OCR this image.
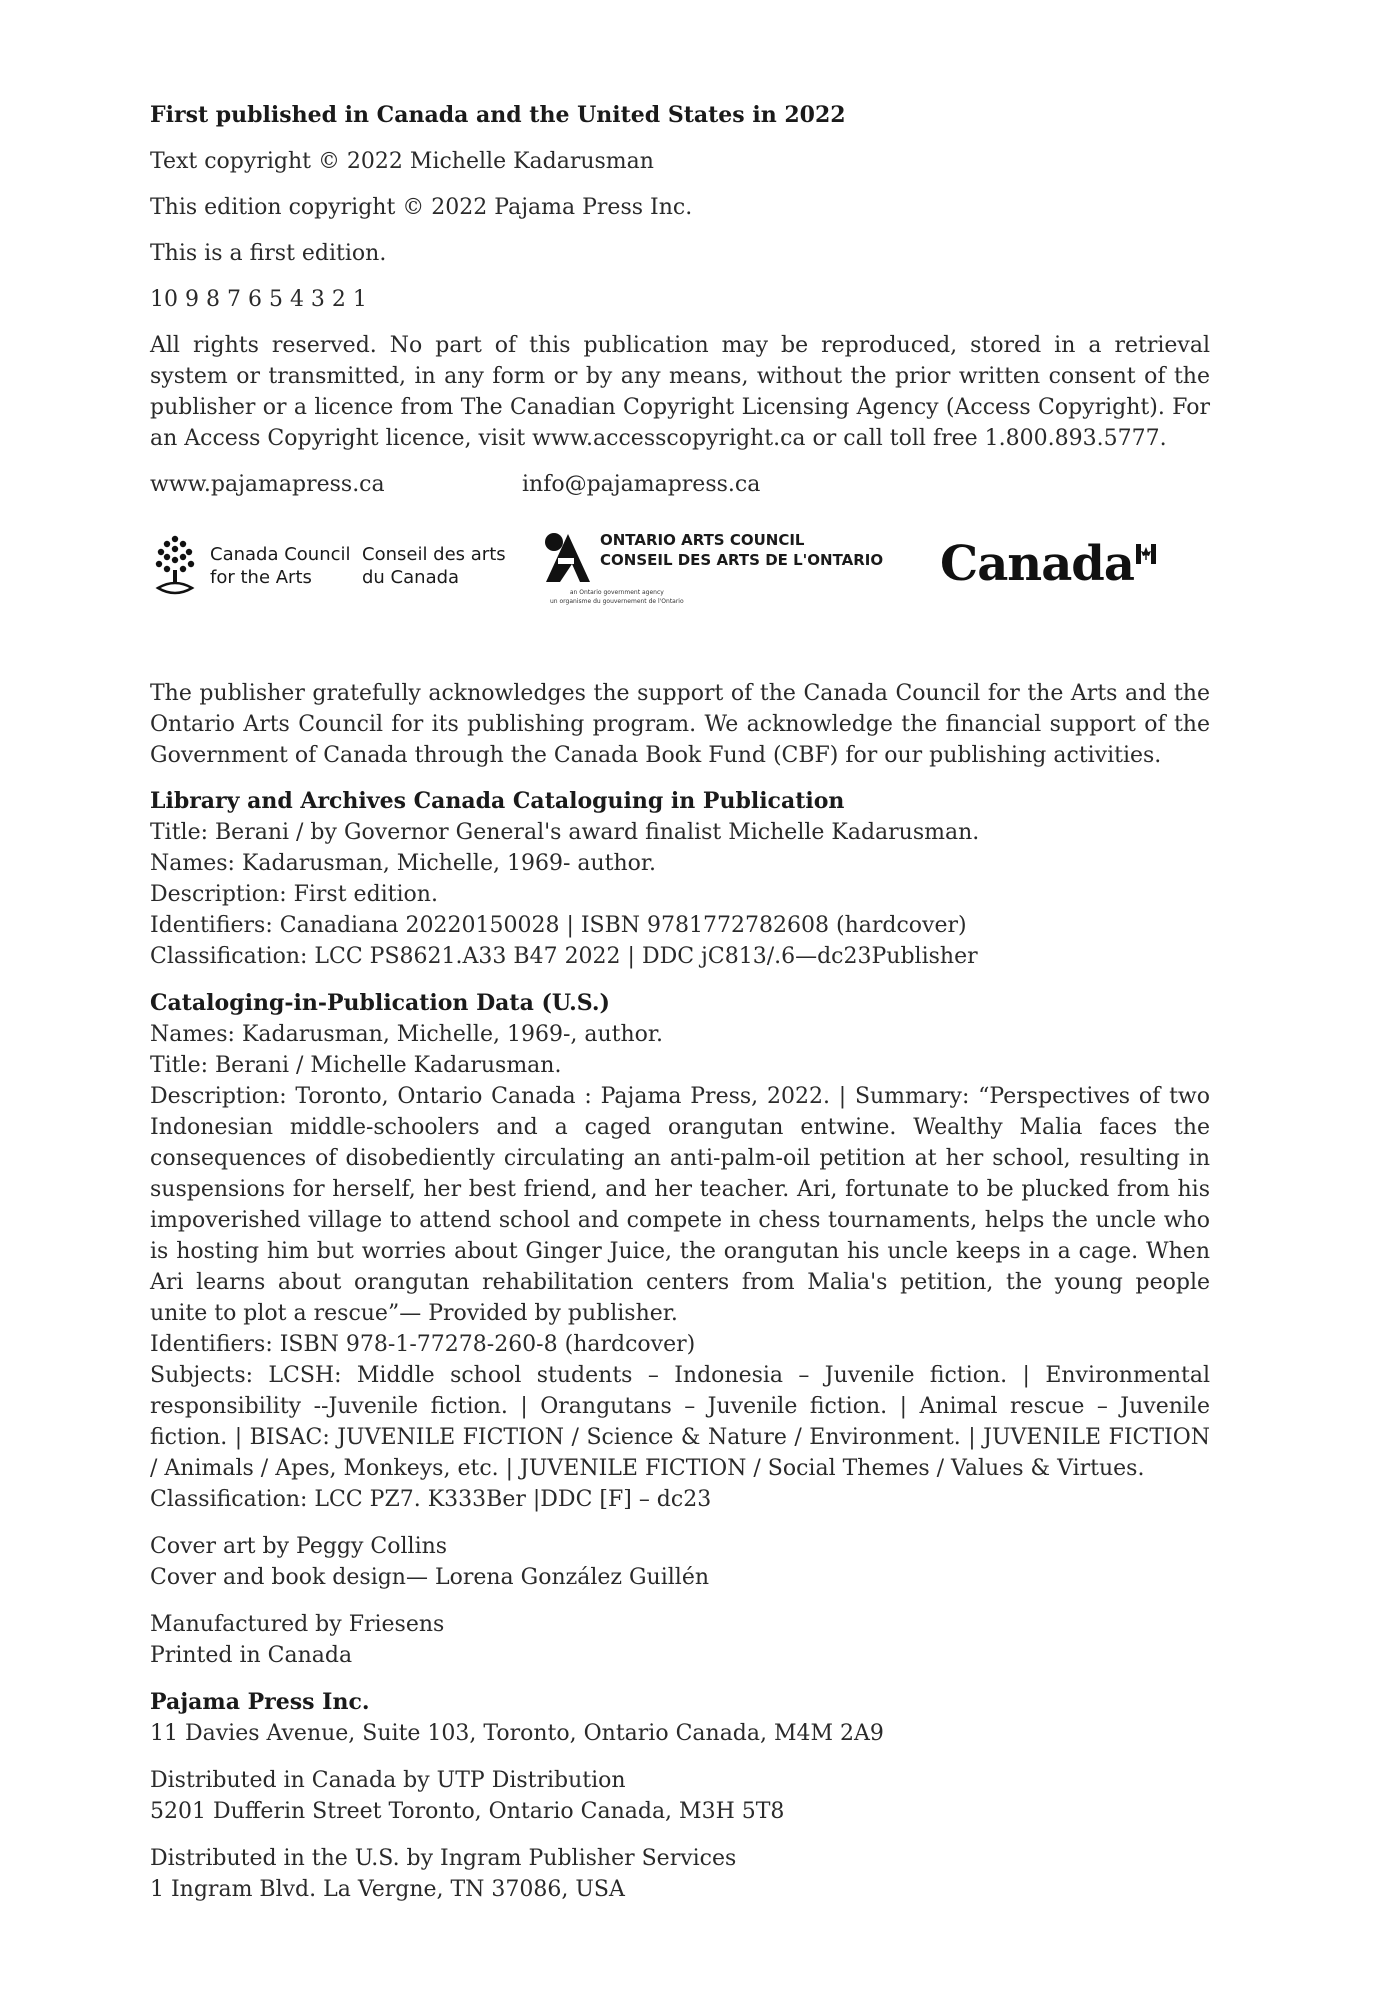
First published in Canada and the United States in 2022

Text copyright © 2022 Michelle Kadarusman

This edition copyright © 2022 Pajama Press Inc.

This is a first edition.

10 9 8 7 6 5 4 3 2 1

All rights reserved. No part of this publication may be reproduced, stored in a retrieval system or transmitted, in any form or by any means, without the prior written consent of the publisher or a licence from The Canadian Copyright Licensing Agency (Access Copyright). For an Access Copyright licence, visit www.accesscopyright.ca or call toll free 1.800.893.5777.

www.pajamapress.ca	info@pajamapress.ca
Canada Council for the Arts
Conseil des arts du Canada
ONTARIO ARTS COUNCIL
CONSEIL DES ARTS DE L'ONTARIO
an Ontario government agency
un organisme du gouvernement de l'Ontario
Canada

The publisher gratefully acknowledges the support of the Canada Council for the Arts and the Ontario Arts Council for its publishing program. We acknowledge the financial support of the Government of Canada through the Canada Book Fund (CBF) for our publishing activities.

Library and Archives Canada Cataloguing in Publication

Title: Berani / by Governor General's award finalist Michelle Kadarusman.

Names: Kadarusman, Michelle, 1969- author.

Description: First edition.

Identifiers: Canadiana 20220150028 | ISBN 9781772782608 (hardcover)

Classification: LCC PS8621.A33 B47 2022 | DDC jC813/.6—dc23Publisher

Cataloging-in-Publication Data (U.S.)

Names: Kadarusman, Michelle, 1969-, author.

Title: Berani / Michelle Kadarusman.

Description: Toronto, Ontario Canada : Pajama Press, 2022. | Summary: “Perspectives of two Indonesian middle-schoolers and a caged orangutan entwine. Wealthy Malia faces the consequences of disobediently circulating an anti-palm-oil petition at her school, resulting in suspensions for herself, her best friend, and her teacher. Ari, fortunate to be plucked from his impoverished village to attend school and compete in chess tournaments, helps the uncle who is hosting him but worries about Ginger Juice, the orangutan his uncle keeps in a cage. When Ari learns about orangutan rehabilitation centers from Malia's petition, the young people unite to plot a rescue”— Provided by publisher.

Identifiers: ISBN 978-1-77278-260-8 (hardcover)

Subjects: LCSH: Middle school students – Indonesia – Juvenile fiction. | Environmental responsibility --Juvenile fiction. | Orangutans – Juvenile fiction. | Animal rescue – Juvenile fiction. | BISAC: JUVENILE FICTION / Science & Nature / Environment. | JUVENILE FICTION / Animals / Apes, Monkeys, etc. | JUVENILE FICTION / Social Themes / Values & Virtues.

Classification: LCC PZ7. K333Ber |DDC [F] – dc23

Cover art by Peggy Collins

Cover and book design— Lorena González Guillén

Manufactured by Friesens

Printed in Canada

Pajama Press Inc.

11 Davies Avenue, Suite 103, Toronto, Ontario Canada, M4M 2A9

Distributed in Canada by UTP Distribution

5201 Dufferin Street Toronto, Ontario Canada, M3H 5T8

Distributed in the U.S. by Ingram Publisher Services

1 Ingram Blvd. La Vergne, TN 37086, USA
